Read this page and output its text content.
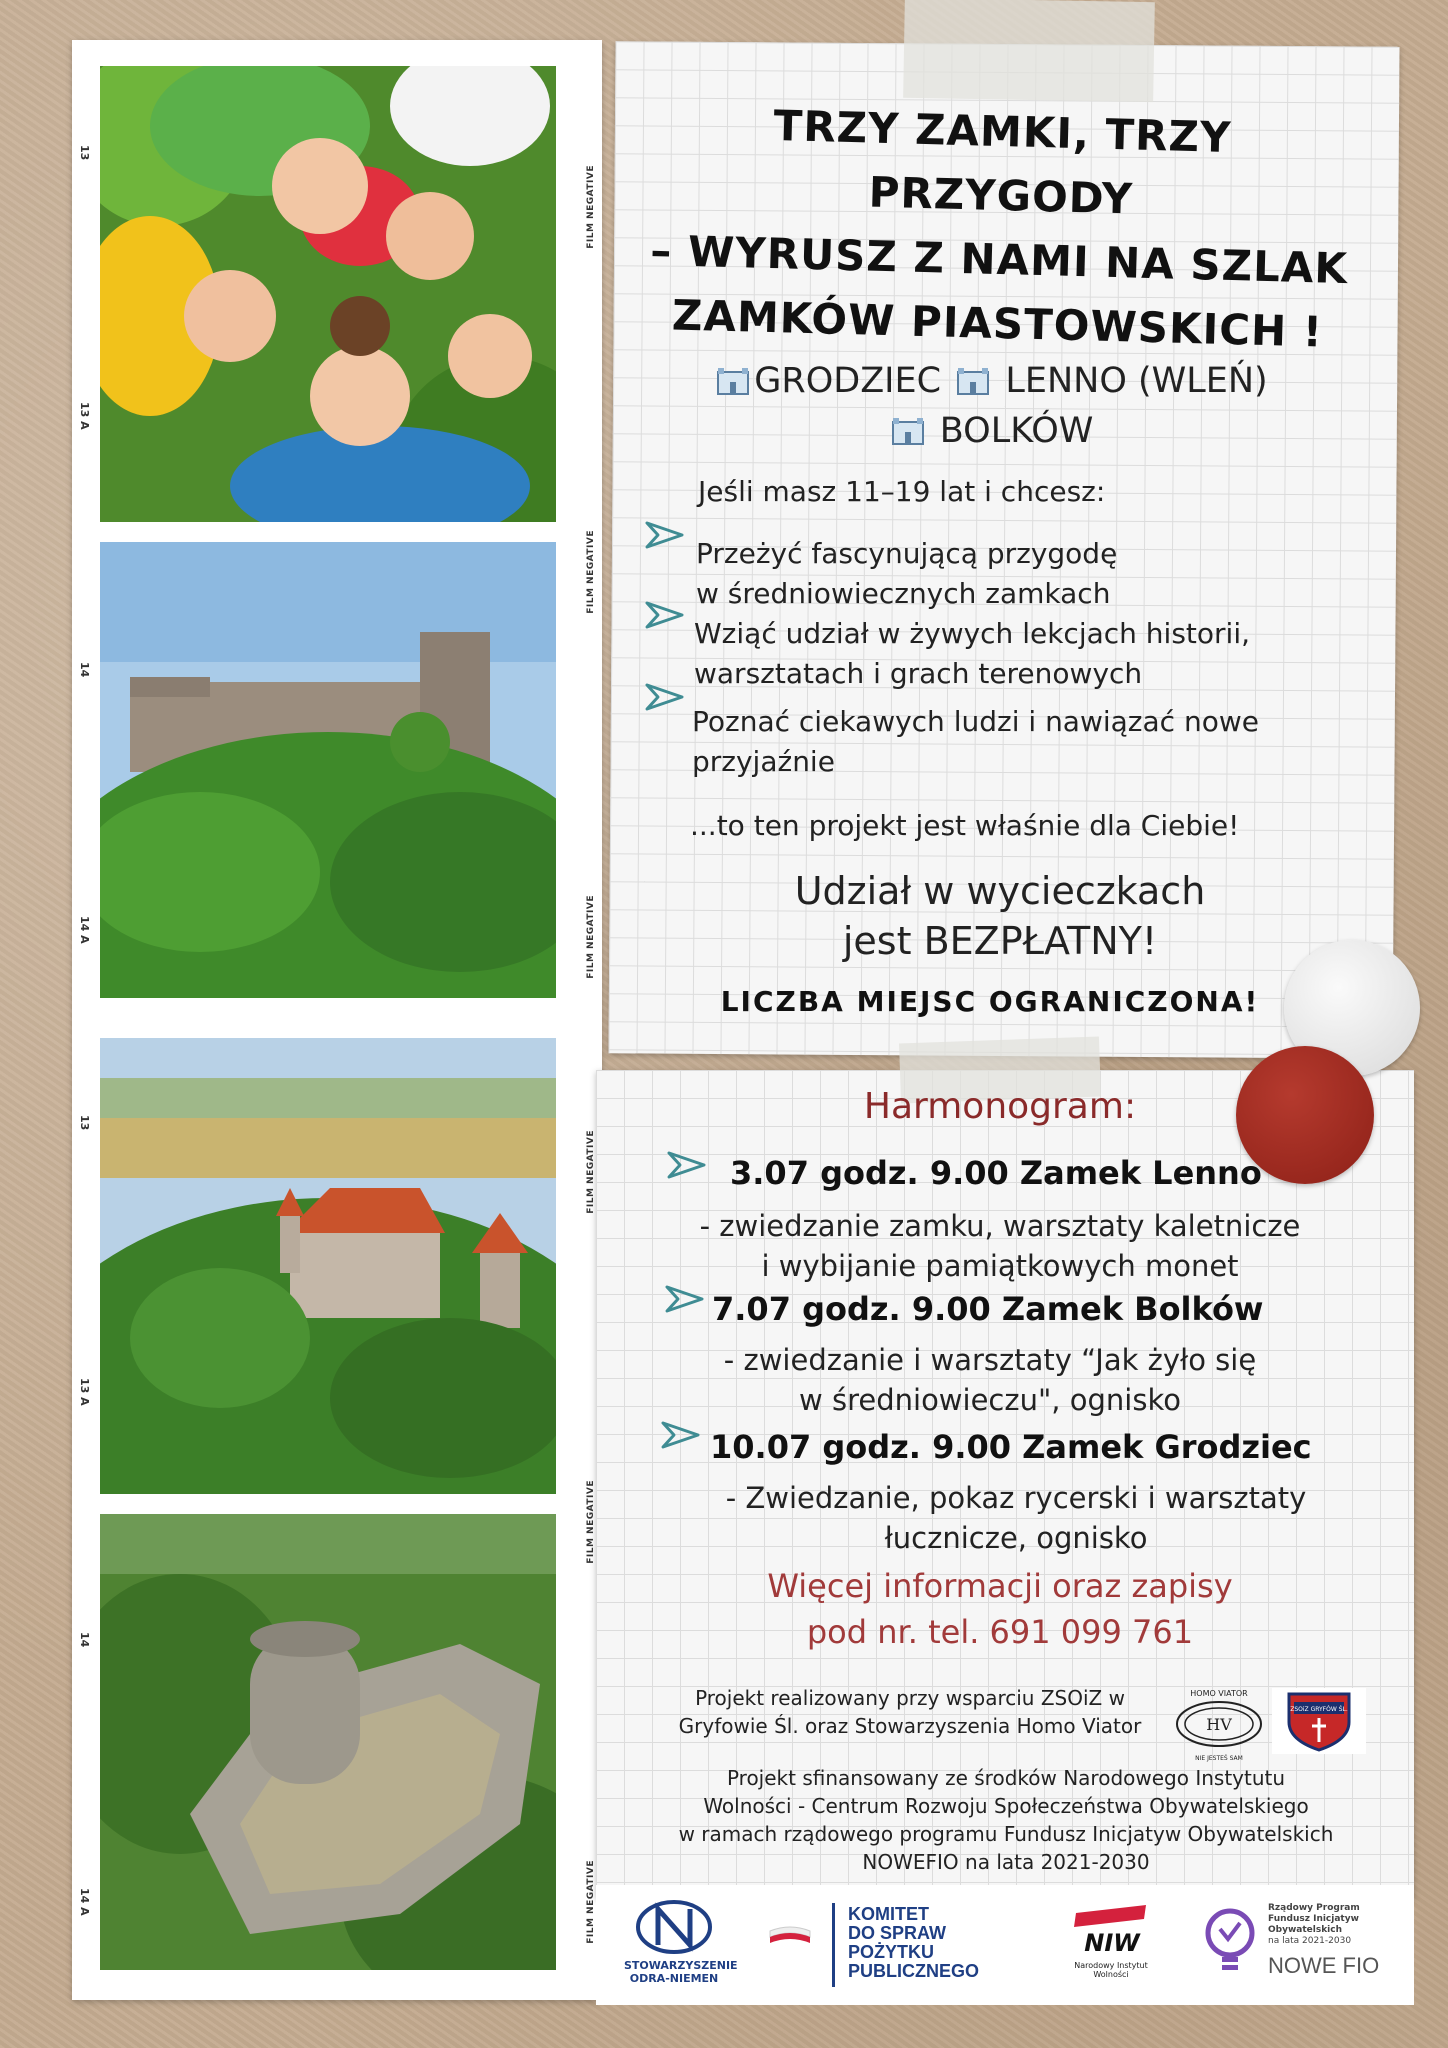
13
13 A
14
14 A
13
13 A
14
14 A
FILM NEGATIVE
FILM NEGATIVE
FILM NEGATIVE
FILM NEGATIVE
FILM NEGATIVE
FILM NEGATIVE
TRZY ZAMKI, TRZY PRZYGODY
– WYRUSZ Z NAMI NA SZLAK
ZAMKÓW PIASTOWSKICH !
GRODZIEC LENNO (WLEŃ)
BOLKÓW
Jeśli masz 11–19 lat i chcesz:
Przeżyć fascynującą przygodę
w średniowiecznych zamkach
Wziąć udział w żywych lekcjach historii,
warsztatach i grach terenowych
Poznać ciekawych ludzi i nawiązać nowe
przyjaźnie
...to ten projekt jest właśnie dla Ciebie!
Udział w wycieczkach
jest BEZPŁATNY!
LICZBA MIEJSC OGRANICZONA!
Harmonogram:
3.07 godz. 9.00 Zamek Lenno
- zwiedzanie zamku, warsztaty kaletnicze
i wybijanie pamiątkowych monet
7.07 godz. 9.00 Zamek Bolków
- zwiedzanie i warsztaty “Jak żyło się
w średniowieczu", ognisko
10.07 godz. 9.00 Zamek Grodziec
- Zwiedzanie, pokaz rycerski i warsztaty
łucznicze, ognisko
Więcej informacji oraz zapisy
pod nr. tel. 691 099 761
Projekt realizowany przy wsparciu ZSOiZ w
Gryfowie Śl. oraz Stowarzyszenia Homo Viator	HV
HOMO VIATOR
NIE JESTEŚ SAM
ZSOiZ GRYFÓW ŚL.
Projekt sfinansowany ze środków Narodowego Instytutu
Wolności - Centrum Rozwoju Społeczeństwa Obywatelskiego
w ramach rządowego programu Fundusz Inicjatyw Obywatelskich
NOWEFIO na lata 2021-2030
STOWARZYSZENIE
ODRA-NIEMEN
KOMITET
DO SPRAW
POŻYTKU
PUBLICZNEGO
NIW
Narodowy Instytut Wolności
Rządowy Program
Fundusz Inicjatyw
Obywatelskich
na lata 2021-2030
NOWE FIO
